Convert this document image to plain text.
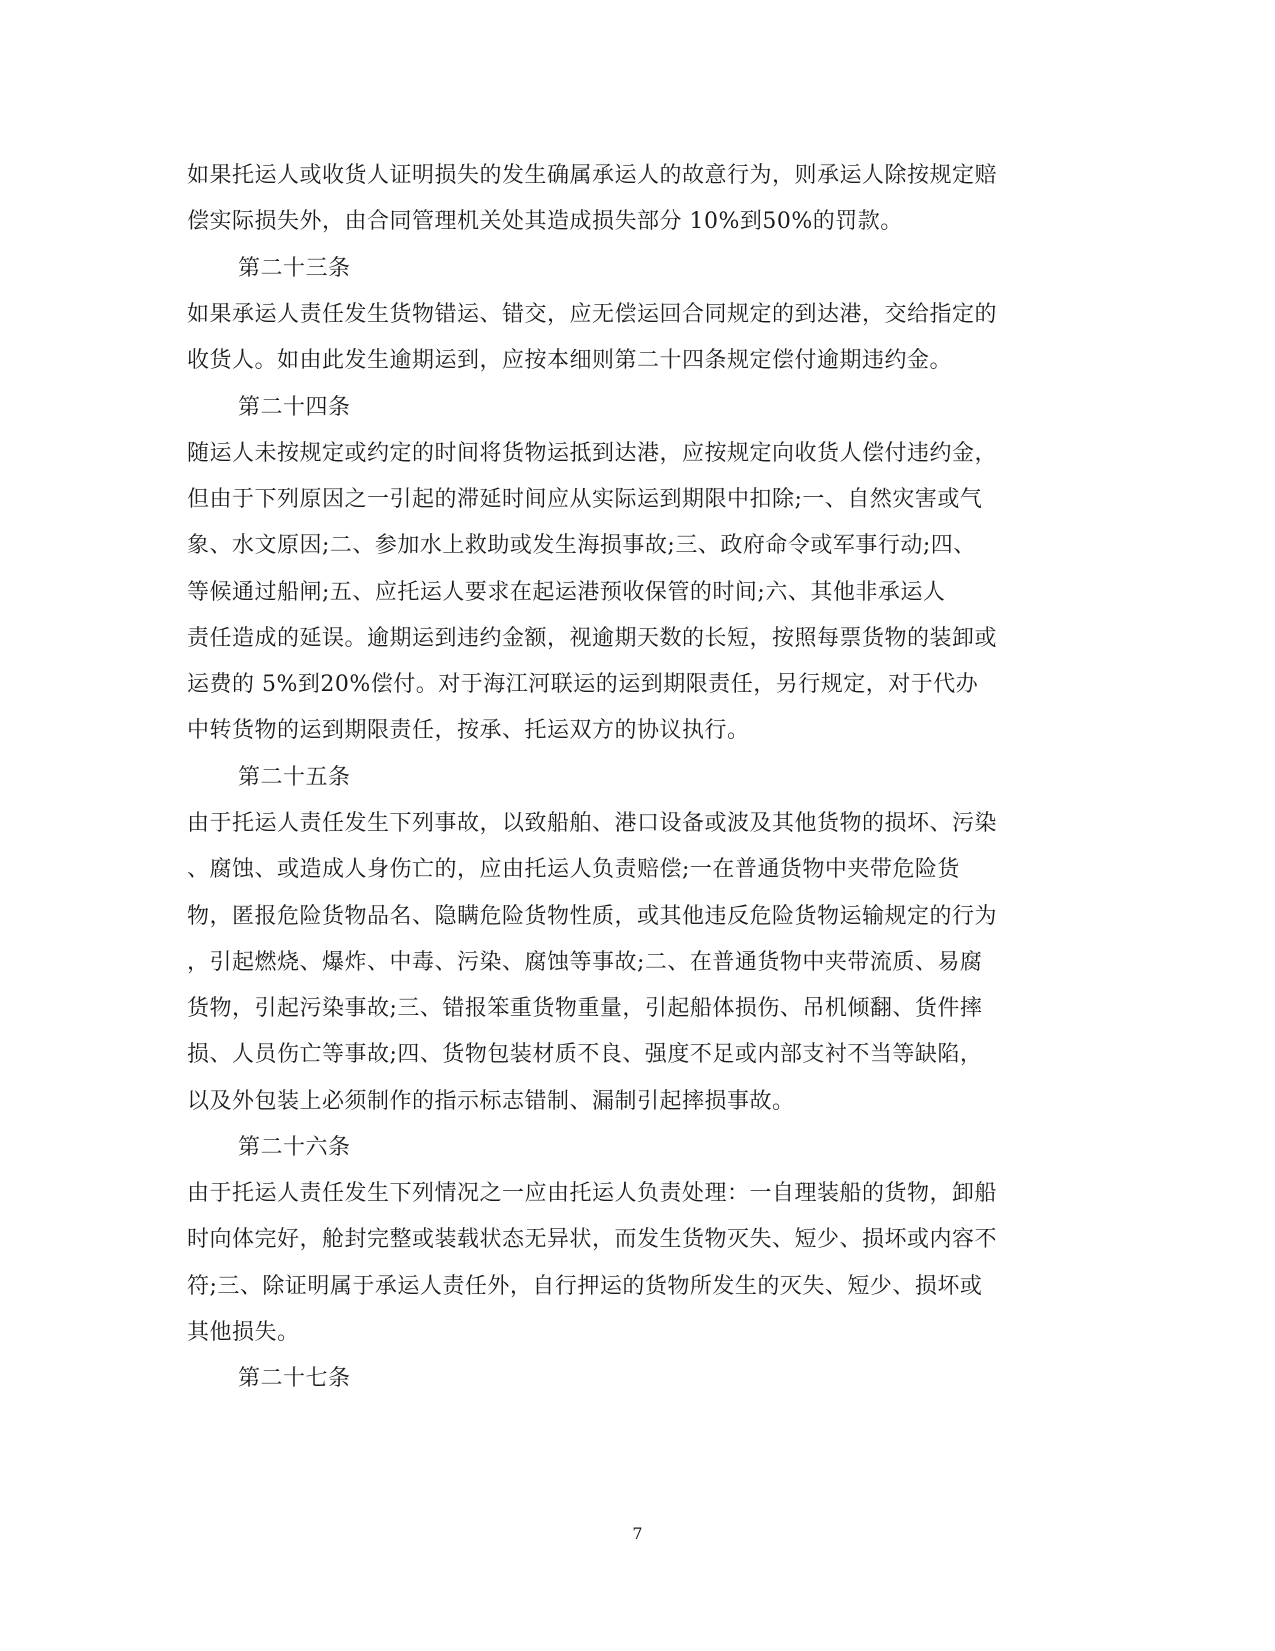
如果托运人或收货人证明损失的发生确属承运人的故意行为，则承运人除按规定赔
偿实际损失外，由合同管理机关处其造成损失部分 10%到50%的罚款。
第二十三条
如果承运人责任发生货物错运、错交，应无偿运回合同规定的到达港，交给指定的
收货人。如由此发生逾期运到，应按本细则第二十四条规定偿付逾期违约金。
第二十四条
随运人未按规定或约定的时间将货物运抵到达港，应按规定向收货人偿付违约金，
但由于下列原因之一引起的滞延时间应从实际运到期限中扣除;一、自然灾害或气
象、水文原因;二、参加水上救助或发生海损事故;三、政府命令或军事行动;四、
等候通过船闸;五、应托运人要求在起运港预收保管的时间;六、其他非承运人
责任造成的延误。逾期运到违约金额，视逾期天数的长短，按照每票货物的装卸或
运费的 5%到20%偿付。对于海江河联运的运到期限责任，另行规定，对于代办
中转货物的运到期限责任，按承、托运双方的协议执行。
第二十五条
由于托运人责任发生下列事故，以致船舶、港口设备或波及其他货物的损坏、污染
、腐蚀、或造成人身伤亡的，应由托运人负责赔偿;一在普通货物中夹带危险货
物，匿报危险货物品名、隐瞒危险货物性质，或其他违反危险货物运输规定的行为
，引起燃烧、爆炸、中毒、污染、腐蚀等事故;二、在普通货物中夹带流质、易腐
货物，引起污染事故;三、错报笨重货物重量，引起船体损伤、吊机倾翻、货件摔
损、人员伤亡等事故;四、货物包装材质不良、强度不足或内部支衬不当等缺陷，
以及外包装上必须制作的指示标志错制、漏制引起摔损事故。
第二十六条
由于托运人责任发生下列情况之一应由托运人负责处理：一自理装船的货物，卸船
时向体完好，舱封完整或装载状态无异状，而发生货物灭失、短少、损坏或内容不
符;三、除证明属于承运人责任外，自行押运的货物所发生的灭失、短少、损坏或
其他损失。
第二十七条
7
